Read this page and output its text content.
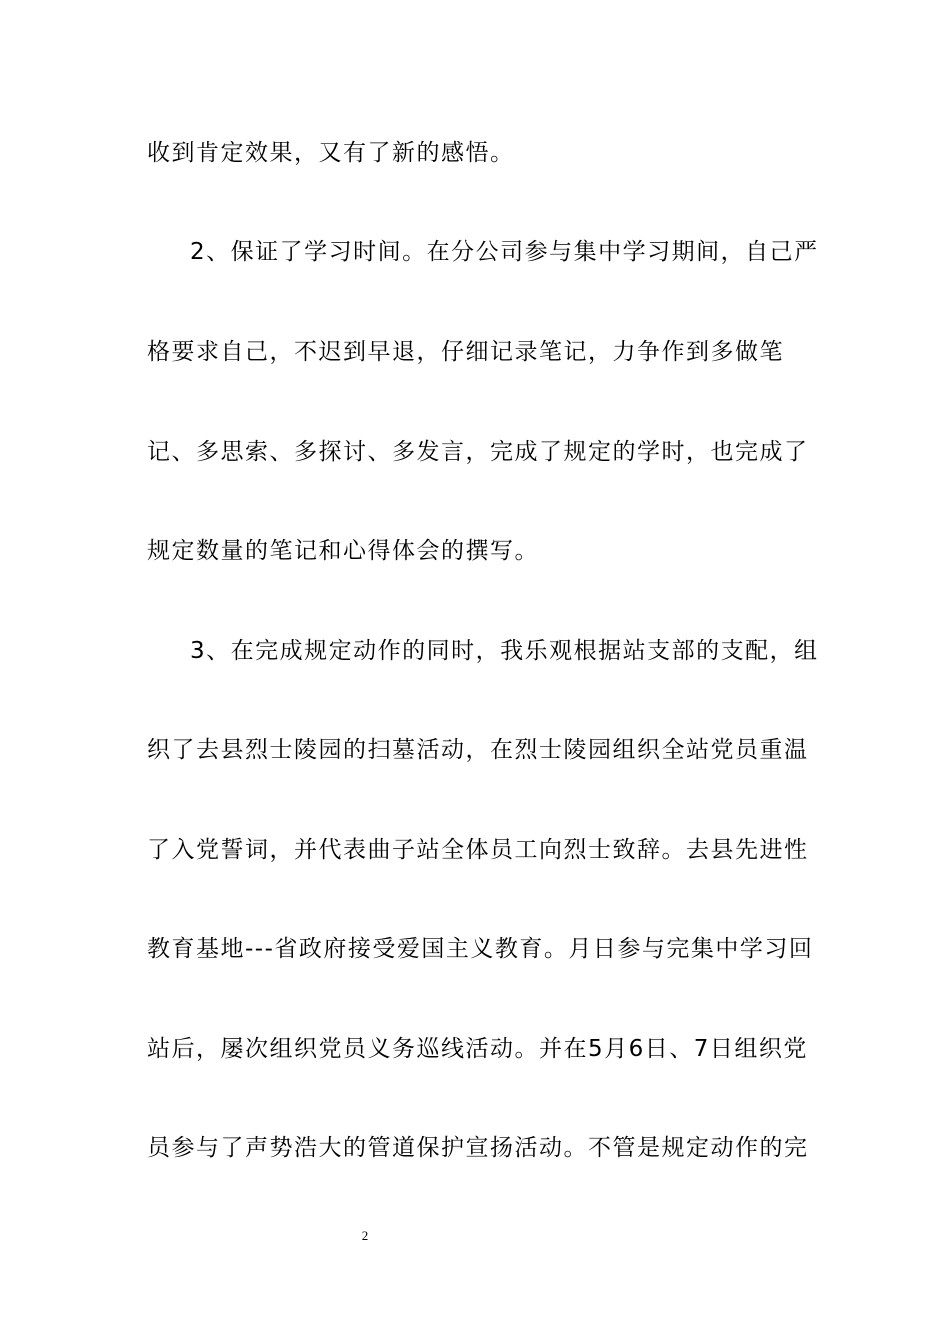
收到肯定效果，又有了新的感悟。
2、保证了学习时间。在分公司参与集中学习期间，自己严
格要求自己，不迟到早退，仔细记录笔记，力争作到多做笔
记、多思索、多探讨、多发言，完成了规定的学时，也完成了
规定数量的笔记和心得体会的撰写。
3、在完成规定动作的同时，我乐观根据站支部的支配，组
织了去县烈士陵园的扫墓活动，在烈士陵园组织全站党员重温
了入党誓词，并代表曲子站全体员工向烈士致辞。去县先进性
教育基地---省政府接受爱国主义教育。月日参与完集中学习回
站后，屡次组织党员义务巡线活动。并在5月6日、7日组织党
员参与了声势浩大的管道保护宣扬活动。不管是规定动作的完
2
